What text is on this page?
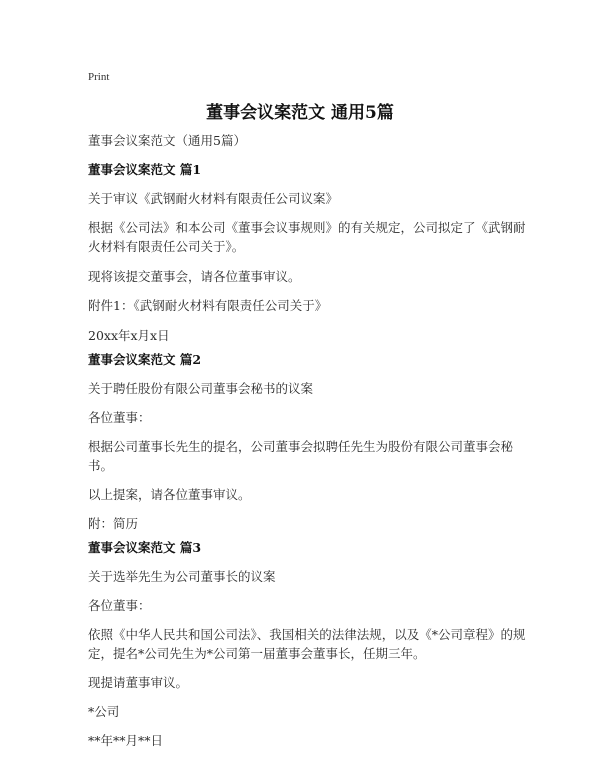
Print
董事会议案范文 通用5篇

董事会议案范文（通用5篇）

董事会议案范文 篇1

关于审议《武钢耐火材料有限责任公司议案》

根据《公司法》和本公司《董事会议事规则》的有关规定，公司拟定了《武钢耐火材料有限责任公司关于》。

现将该提交董事会，请各位董事审议。

附件1：《武钢耐火材料有限责任公司关于》

20xx年x月x日

董事会议案范文 篇2

关于聘任股份有限公司董事会秘书的议案

各位董事：

根据公司董事长先生的提名，公司董事会拟聘任先生为股份有限公司董事会秘书。

以上提案，请各位董事审议。

附：简历

董事会议案范文 篇3

关于选举先生为公司董事长的议案

各位董事：

依照《中华人民共和国公司法》、我国相关的法律法规，以及《*公司章程》的规定，提名*公司先生为*公司第一届董事会董事长，任期三年。

现提请董事审议。

*公司

**年**月**日
